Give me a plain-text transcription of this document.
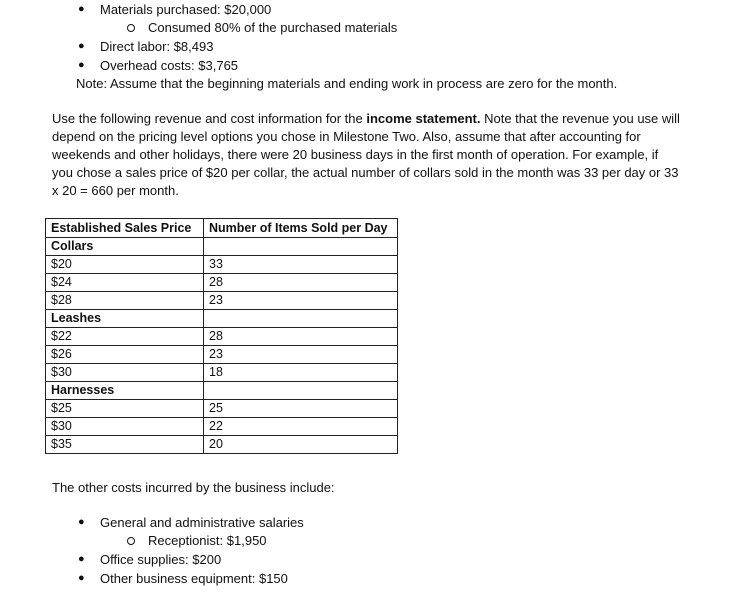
● Materials purchased: $20,000
Consumed 80% of the purchased materials
● Direct labor: $8,493
● Overhead costs: $3,765
Note: Assume that the beginning materials and ending work in process are zero for the month.

Use the following revenue and cost information for the income statement. Note that the revenue you use will depend on the pricing level options you chose in Milestone Two. Also, assume that after accounting for weekends and other holidays, there were 20 business days in the first month of operation. For example, if you chose a sales price of $20 per collar, the actual number of collars sold in the month was 33 per day or 33 x 20 = 660 per month.

Established Sales Price	Number of Items Sold per Day
Collars	
$20	33
$24	28
$28	23
Leashes	
$22	28
$26	23
$30	18
Harnesses	
$25	25
$30	22
$35	20
The other costs incurred by the business include:
● General and administrative salaries
Receptionist: $1,950
● Office supplies: $200
● Other business equipment: $150
